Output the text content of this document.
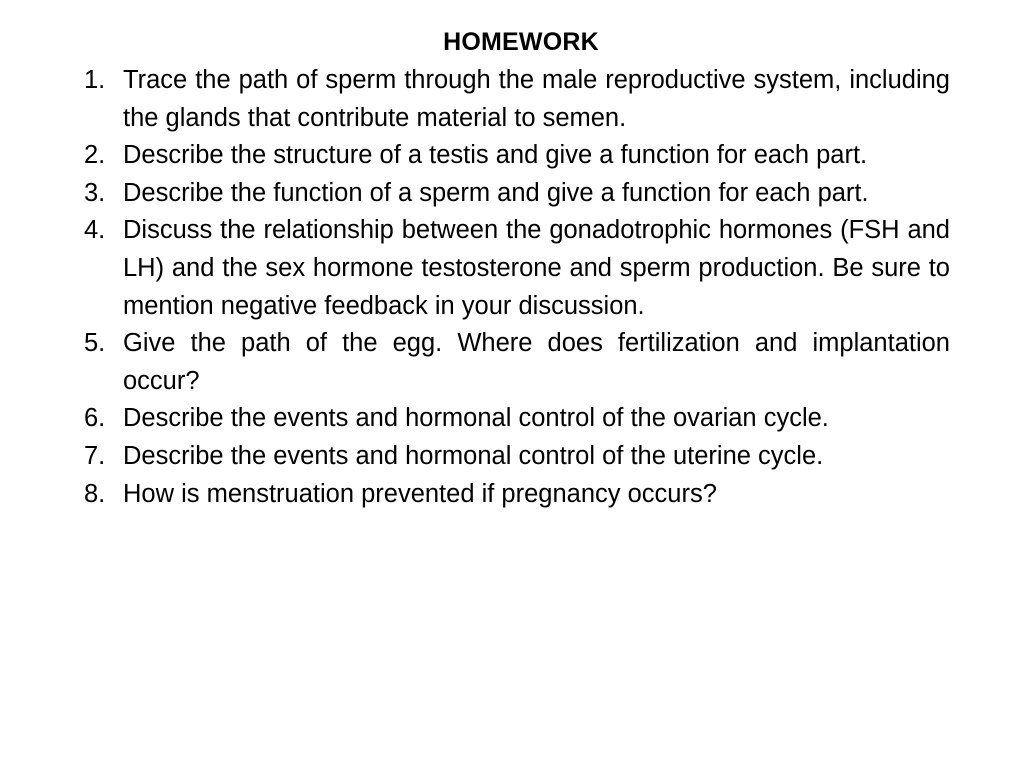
HOMEWORK
1. Trace the path of sperm through the male reproductive system, including the glands that contribute material to semen.
2. Describe the structure of a testis and give a function for each part.
3. Describe the function of a sperm and give a function for each part.
4. Discuss the relationship between the gonadotrophic hormones (FSH and LH) and the sex hormone testosterone and sperm production. Be sure to mention negative feedback in your discussion.
5. Give the path of the egg. Where does fertilization and implantation occur?
6. Describe the events and hormonal control of the ovarian cycle.
7. Describe the events and hormonal control of the uterine cycle.
8. How is menstruation prevented if pregnancy occurs?
